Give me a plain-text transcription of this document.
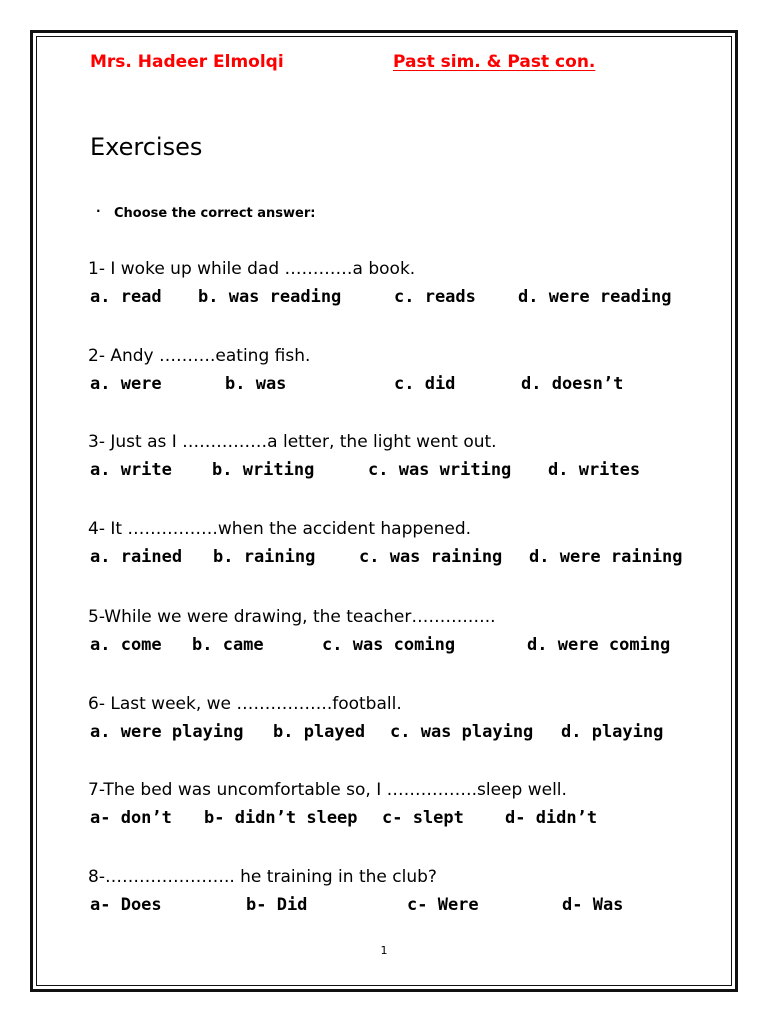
Mrs. Hadeer Elmolqi	Past sim. & Past con.
Exercises
· Choose the correct answer:
1- I woke up while dad …………a book.
a. read b. was reading	c. reads d. were reading
2- Andy ……….eating fish.
a. were	b. was	c. did	d. doesn’t
3- Just as I ……………a letter, the light went out.
a. write b. writing	c. was writing d. writes
4- It …………….when the accident happened.
a. rained b. raining	c. was raining d. were raining
5-While we were drawing, the teacher……….…..
a. come b. came	c. was coming	d. were coming
6- Last week, we ……………..football.
a. were playing b. played c. was playing d. playing
7-The bed was uncomfortable so, I …………….sleep well.
a- don’t b- didn’t sleep c- slept d- didn’t
8-………………….. he training in the club?
a- Does	b- Did	c- Were	d- Was
1
